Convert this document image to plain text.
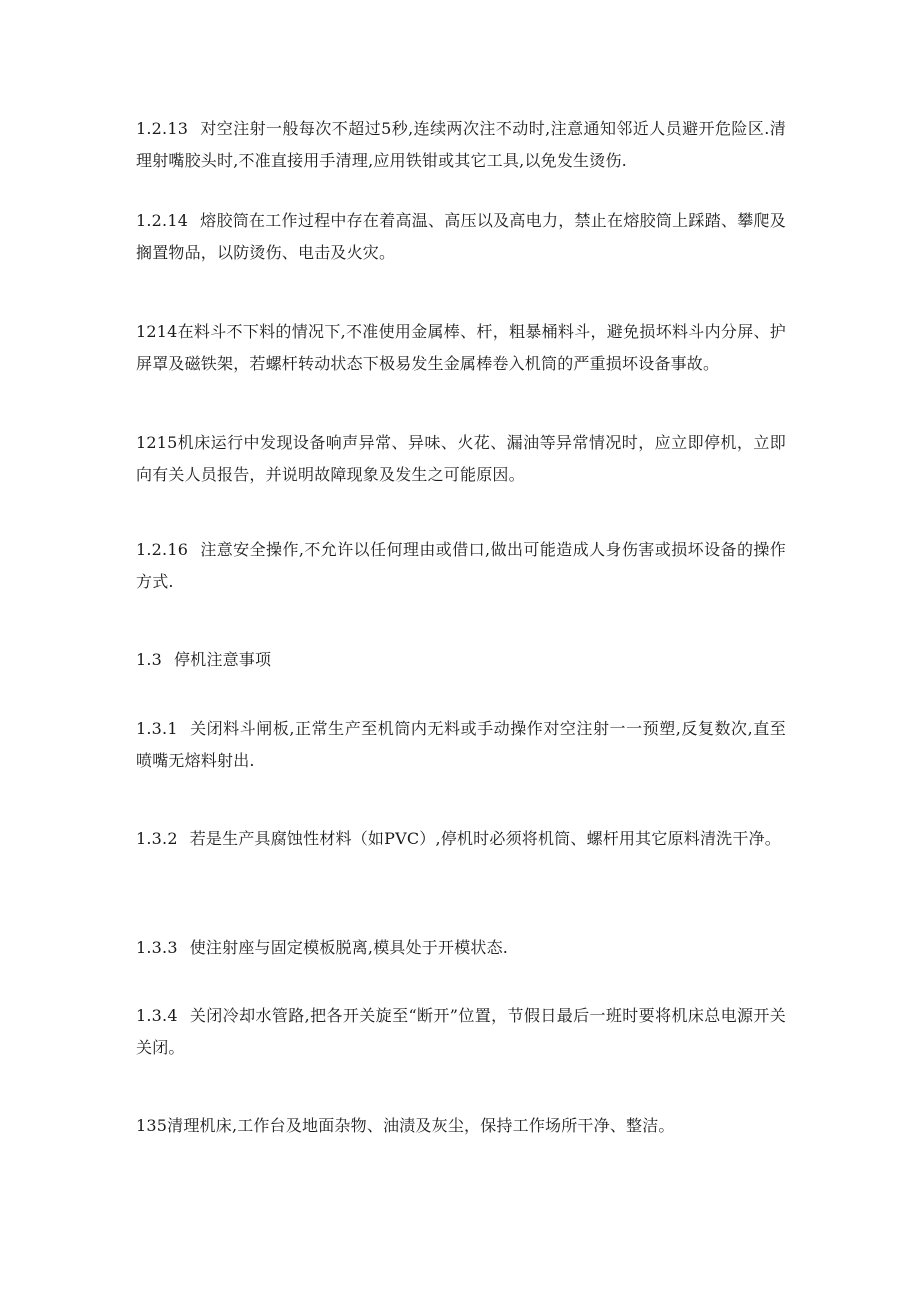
1.2.13 对空注射一般每次不超过5秒,连续两次注不动时,注意通知邻近人员避开危险区.清理射嘴胶头时,不准直接用手清理,应用铁钳或其它工具,以免发生烫伤.

1.2.14 熔胶筒在工作过程中存在着高温、高压以及高电力，禁止在熔胶筒上踩踏、攀爬及搁置物品，以防烫伤、电击及火灾。

1214在料斗不下料的情况下,不准使用金属棒、杆，粗暴桶料斗，避免损坏料斗内分屏、护屏罩及磁铁架，若螺杆转动状态下极易发生金属棒卷入机筒的严重损坏设备事故。

1215机床运行中发现设备响声异常、异味、火花、漏油等异常情况时，应立即停机，立即向有关人员报告，并说明故障现象及发生之可能原因。

1.2.16 注意安全操作,不允许以任何理由或借口,做出可能造成人身伤害或损坏设备的操作方式.

1.3 停机注意事项

1.3.1 关闭料斗闸板,正常生产至机筒内无料或手动操作对空注射一一预塑,反复数次,直至喷嘴无熔料射出.

1.3.2 若是生产具腐蚀性材料（如PVC）,停机时必须将机筒、螺杆用其它原料清洗干净。

1.3.3 使注射座与固定模板脱离,模具处于开模状态.

1.3.4 关闭冷却水管路,把各开关旋至“断开”位置，节假日最后一班时要将机床总电源开关关闭。

135清理机床,工作台及地面杂物、油渍及灰尘，保持工作场所干净、整洁。
